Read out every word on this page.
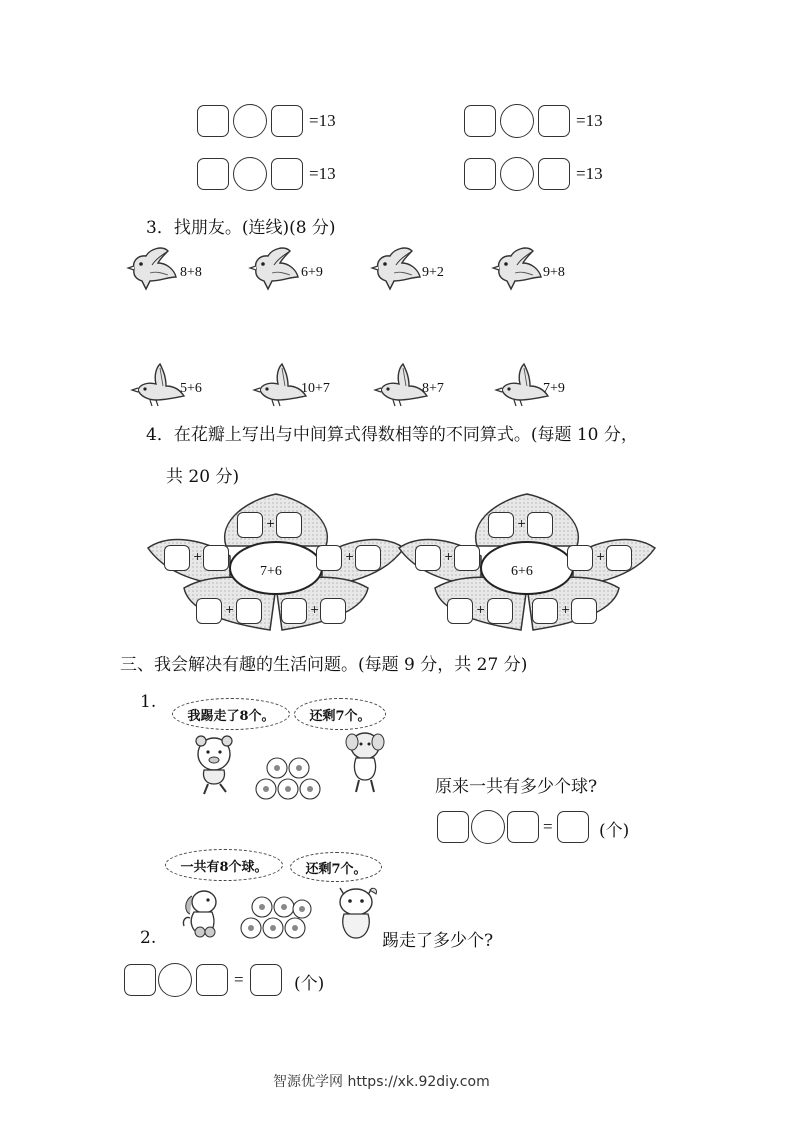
=13	=13
=13	=13
3．找朋友。(连线)(8 分)
8+8	6+9	9+2	9+8
5+6	10+7	8+7	7+9
4．在花瓣上写出与中间算式得数相等的不同算式。(每题 10 分，
共 20 分)
7+6
+
+	+
+	+
6+6
+
+	+
+	+
三、我会解决有趣的生活问题。(每题 9 分，共 27 分)
1.
我踢走了8个。	还剩7个。
原来一共有多少个球?
=	(个)
一共有8个球。	还剩7个。
2.	踢走了多少个?
=	(个)
智源优学网 https://xk.92diy.com
